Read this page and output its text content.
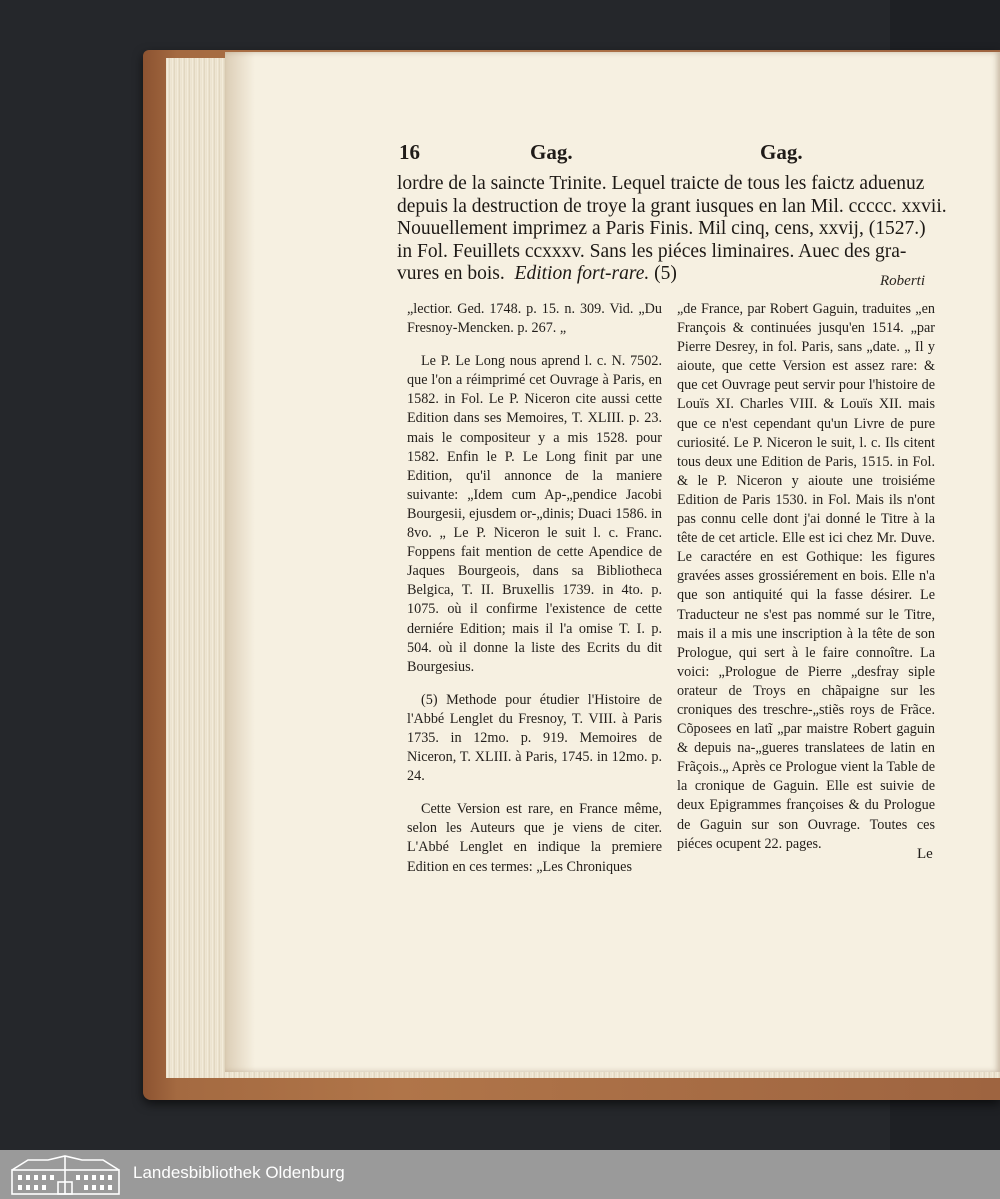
16	Gag.	Gag.
lordre de la saincte Trinite. Lequel traicte de tous les faictz aduenuz
depuis la destruction de troye la grant iusques en lan Mil. ccccc. xxvii.
Nouuellement imprimez a Paris Finis. Mil cinq, cens, xxvij, (1527.)
in Fol. Feuillets ccxxxv. Sans les piéces liminaires. Auec des gra-
vures en bois. Edition fort-rare. (5)	Roberti

„lectior. Ged. 1748. p. 15. n. 309. Vid. „Du Fresnoy-Mencken. p. 267. „

Le P. Le Long nous aprend l. c. N. 7502. que l'on a réimprimé cet Ouvrage à Paris, en 1582. in Fol. Le P. Niceron cite aussi cette Edition dans ses Memoires, T. XLIII. p. 23. mais le compositeur y a mis 1528. pour 1582. Enfin le P. Le Long finit par une Edition, qu'il annonce de la maniere suivante: „Idem cum Ap-„pendice Jacobi Bourgesii, ejusdem or-„dinis; Duaci 1586. in 8vo. „ Le P. Niceron le suit l. c. Franc. Foppens fait mention de cette Apendice de Jaques Bourgeois, dans sa Bibliotheca Belgica, T. II. Bruxellis 1739. in 4to. p. 1075. où il confirme l'existence de cette derniére Edition; mais il l'a omise T. I. p. 504. où il donne la liste des Ecrits du dit Bourgesius.

(5) Methode pour étudier l'Histoire de l'Abbé Lenglet du Fresnoy, T. VIII. à Paris 1735. in 12mo. p. 919. Memoires de Niceron, T. XLIII. à Paris, 1745. in 12mo. p. 24.

Cette Version est rare, en France même, selon les Auteurs que je viens de citer. L'Abbé Lenglet en indique la premiere Edition en ces termes: „Les Chroniques

„de France, par Robert Gaguin, traduites „en François & continuées jusqu'en 1514. „par Pierre Desrey, in fol. Paris, sans „date. „ Il y aioute, que cette Version est assez rare: & que cet Ouvrage peut servir pour l'histoire de Louïs XI. Charles VIII. & Louïs XII. mais que ce n'est cependant qu'un Livre de pure curiosité. Le P. Niceron le suit, l. c. Ils citent tous deux une Edition de Paris, 1515. in Fol. & le P. Niceron y aioute une troisiéme Edition de Paris 1530. in Fol. Mais ils n'ont pas connu celle dont j'ai donné le Titre à la tête de cet article. Elle est ici chez Mr. Duve. Le caractére en est Gothique: les figures gravées asses grossiérement en bois. Elle n'a que son antiquité qui la fasse désirer. Le Traducteur ne s'est pas nommé sur le Titre, mais il a mis une inscription à la tête de son Prologue, qui sert à le faire connoître. La voici: „Prologue de Pierre „desfray siple orateur de Troys en chãpaigne sur les croniques des treschre-„stiẽs roys de Frãce. Cõposees en latĩ „par maistre Robert gaguin & depuis na-„gueres translatees de latin en Frãçois.„ Après ce Prologue vient la Table de la cronique de Gaguin. Elle est suivie de deux Epigrammes françoises & du Prologue de Gaguin sur son Ouvrage. Toutes ces piéces ocupent 22. pages.

Le
Landesbibliothek Oldenburg
